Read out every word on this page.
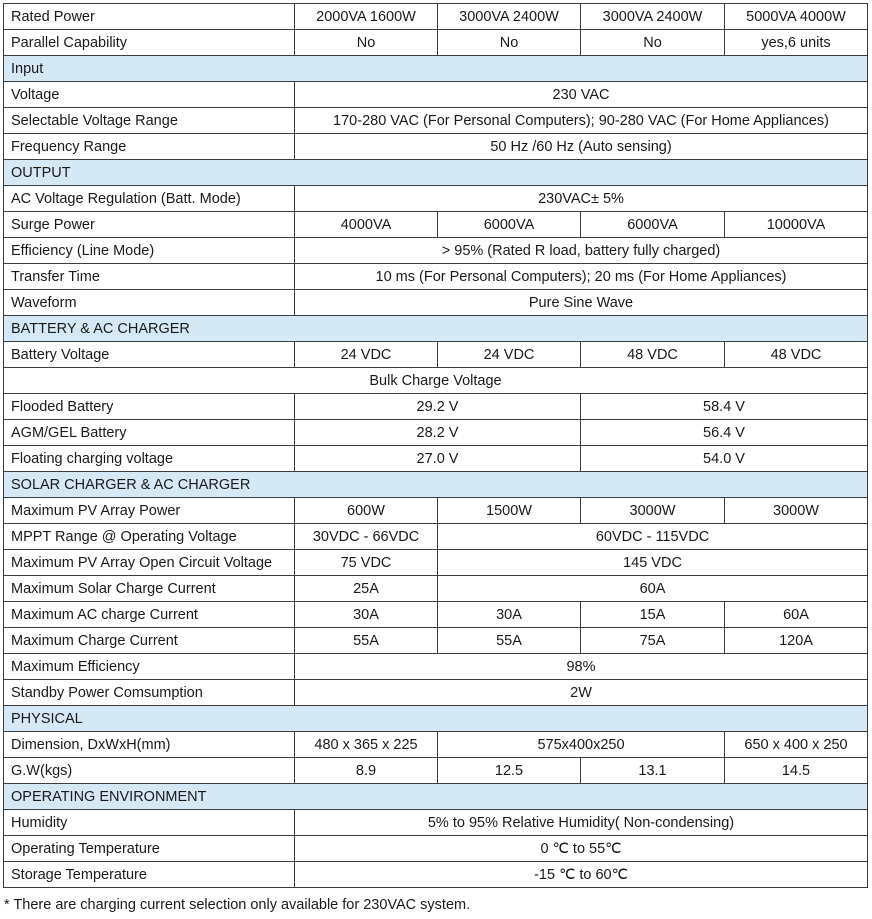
Rated Power	2000VA 1600W	3000VA 2400W	3000VA 2400W	5000VA 4000W
Parallel Capability	No	No	No	yes,6 units
Input				
Voltage	230 VAC			
Selectable Voltage Range	170-280 VAC (For Personal Computers); 90-280 VAC (For Home Appliances)			
Frequency Range	50 Hz /60 Hz (Auto sensing)			
OUTPUT				
AC Voltage Regulation (Batt. Mode)	230VAC± 5%			
Surge Power	4000VA	6000VA	6000VA	10000VA
Efficiency (Line Mode)	> 95% (Rated R load, battery fully charged)			
Transfer Time	10 ms (For Personal Computers); 20 ms (For Home Appliances)			
Waveform	Pure Sine Wave			
BATTERY & AC CHARGER				
Battery Voltage	24 VDC	24 VDC	48 VDC	48 VDC
Bulk Charge Voltage				
Flooded Battery	29.2 V		58.4 V	
AGM/GEL Battery	28.2 V		56.4 V	
Floating charging voltage	27.0 V		54.0 V	
SOLAR CHARGER & AC CHARGER				
Maximum PV Array Power	600W	1500W	3000W	3000W
MPPT Range @ Operating Voltage	30VDC - 66VDC	60VDC - 115VDC		
Maximum PV Array Open Circuit Voltage	75 VDC	145 VDC		
Maximum Solar Charge Current	25A	60A		
Maximum AC charge Current	30A	30A	15A	60A
Maximum Charge Current	55A	55A	75A	120A
Maximum Efficiency	98%			
Standby Power Comsumption	2W			
PHYSICAL				
Dimension, DxWxH(mm)	480 x 365 x 225	575x400x250		650 x 400 x 250
G.W(kgs)	8.9	12.5	13.1	14.5
OPERATING ENVIRONMENT				
Humidity	5% to 95% Relative Humidity( Non-condensing)			
Operating Temperature	0 ℃ to 55℃			
Storage Temperature	-15 ℃ to 60℃			
* There are charging current selection only available for 230VAC system.
